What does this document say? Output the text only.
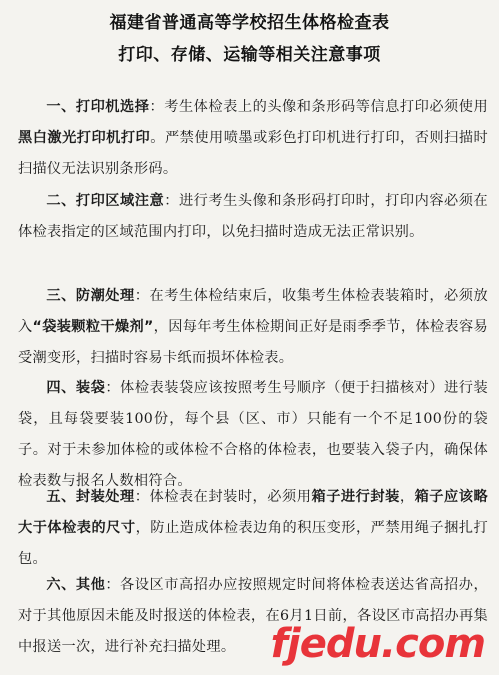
福建省普通高等学校招生体格检查表
打印、存储、运输等相关注意事项
一、打印机选择：考生体检表上的头像和条形码等信息打印必须使用黑白激光打印机打印。严禁使用喷墨或彩色打印机进行打印，否则扫描时扫描仪无法识别条形码。
二、打印区域注意：进行考生头像和条形码打印时，打印内容必须在体检表指定的区域范围内打印，以免扫描时造成无法正常识别。
三、防潮处理：在考生体检结束后，收集考生体检表装箱时，必须放入“袋装颗粒干燥剂”，因每年考生体检期间正好是雨季季节，体检表容易受潮变形，扫描时容易卡纸而损坏体检表。
四、装袋：体检表装袋应该按照考生号顺序（便于扫描核对）进行装袋，且每袋要装100份，每个县（区、市）只能有一个不足100份的袋子。对于未参加体检的或体检不合格的体检表，也要装入袋子内，确保体检表数与报名人数相符合。
五、封装处理：体检表在封装时，必须用箱子进行封装，箱子应该略大于体检表的尺寸，防止造成体检表边角的积压变形，严禁用绳子捆扎打包。
六、其他：各设区市高招办应按照规定时间将体检表送达省高招办，对于其他原因未能及时报送的体检表，在6月1日前，各设区市高招办再集中报送一次，进行补充扫描处理。 fjedu.com
